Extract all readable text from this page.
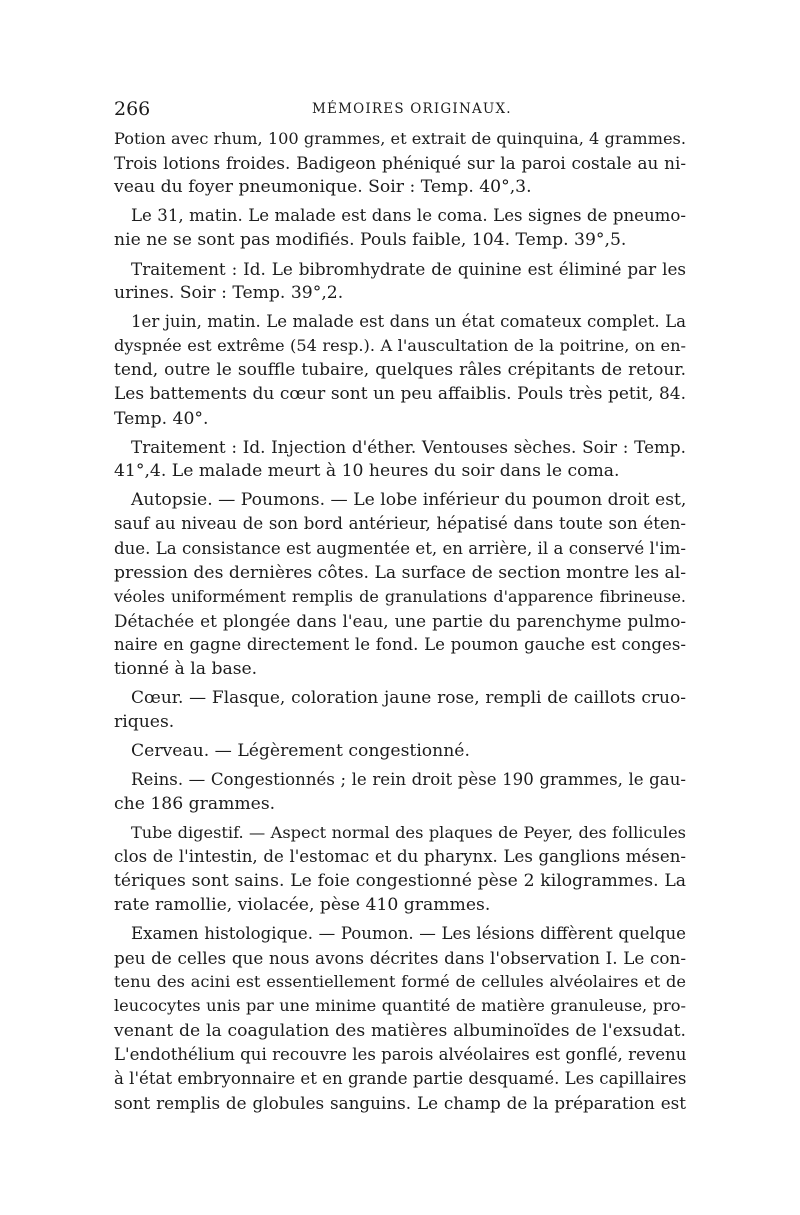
266	MÉMOIRES ORIGINAUX.
Potion avec rhum, 100 grammes, et extrait de quinquina, 4 grammes.
Trois lotions froides. Badigeon phéniqué sur la paroi costale au ni-
veau du foyer pneumonique. Soir : Temp. 40°,3.
Le 31, matin. Le malade est dans le coma. Les signes de pneumo-
nie ne se sont pas modifiés. Pouls faible, 104. Temp. 39°,5.
Traitement : Id. Le bibromhydrate de quinine est éliminé par les
urines. Soir : Temp. 39°,2.
1er juin, matin. Le malade est dans un état comateux complet. La
dyspnée est extrême (54 resp.). A l'auscultation de la poitrine, on en-
tend, outre le souffle tubaire, quelques râles crépitants de retour.
Les battements du cœur sont un peu affaiblis. Pouls très petit, 84.
Temp. 40°.
Traitement : Id. Injection d'éther. Ventouses sèches. Soir : Temp.
41°,4. Le malade meurt à 10 heures du soir dans le coma.
Autopsie. — Poumons. — Le lobe inférieur du poumon droit est,
sauf au niveau de son bord antérieur, hépatisé dans toute son éten-
due. La consistance est augmentée et, en arrière, il a conservé l'im-
pression des dernières côtes. La surface de section montre les al-
véoles uniformément remplis de granulations d'apparence fibrineuse.
Détachée et plongée dans l'eau, une partie du parenchyme pulmo-
naire en gagne directement le fond. Le poumon gauche est conges-
tionné à la base.
Cœur. — Flasque, coloration jaune rose, rempli de caillots cruo-
riques.
Cerveau. — Légèrement congestionné.
Reins. — Congestionnés ; le rein droit pèse 190 grammes, le gau-
che 186 grammes.
Tube digestif. — Aspect normal des plaques de Peyer, des follicules
clos de l'intestin, de l'estomac et du pharynx. Les ganglions mésen-
tériques sont sains. Le foie congestionné pèse 2 kilogrammes. La
rate ramollie, violacée, pèse 410 grammes.
Examen histologique. — Poumon. — Les lésions diffèrent quelque
peu de celles que nous avons décrites dans l'observation I. Le con-
tenu des acini est essentiellement formé de cellules alvéolaires et de
leucocytes unis par une minime quantité de matière granuleuse, pro-
venant de la coagulation des matières albuminoïdes de l'exsudat.
L'endothélium qui recouvre les parois alvéolaires est gonflé, revenu
à l'état embryonnaire et en grande partie desquamé. Les capillaires
sont remplis de globules sanguins. Le champ de la préparation est
